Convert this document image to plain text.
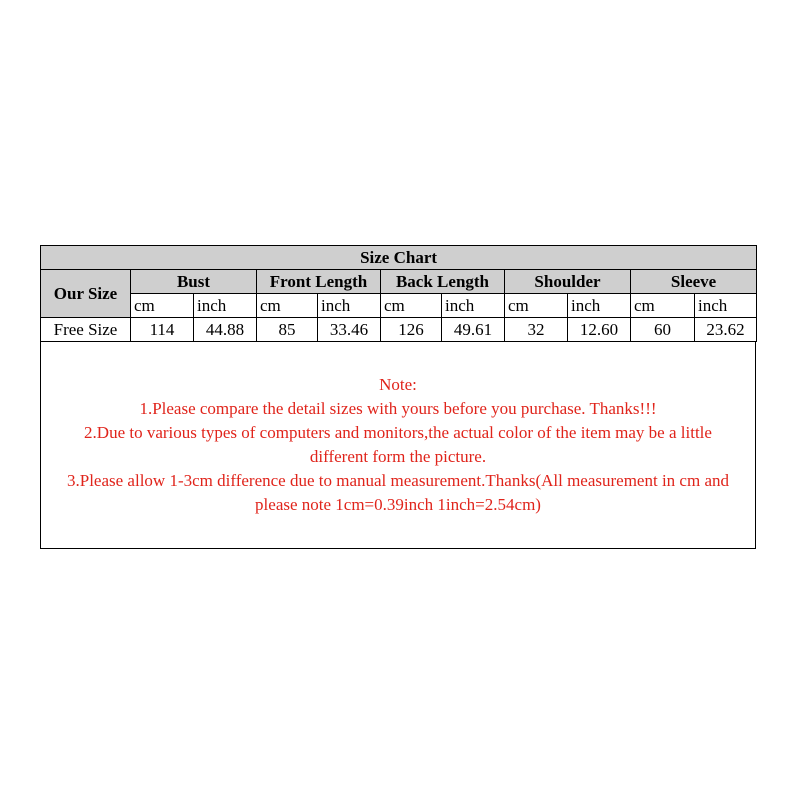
Size Chart										
Our Size	Bust		Front Length		Back Length		Shoulder		Sleeve	
	cm	inch	cm	inch	cm	inch	cm	inch	cm	inch
Free Size	114	44.88	85	33.46	126	49.61	32	12.60	60	23.62
Note:
1.Please compare the detail sizes with yours before you purchase. Thanks!!!
2.Due to various types of computers and monitors,the actual color of the item may be a little
different form the picture.
3.Please allow 1-3cm difference due to manual measurement.Thanks(All measurement in cm and
please note 1cm=0.39inch 1inch=2.54cm)
